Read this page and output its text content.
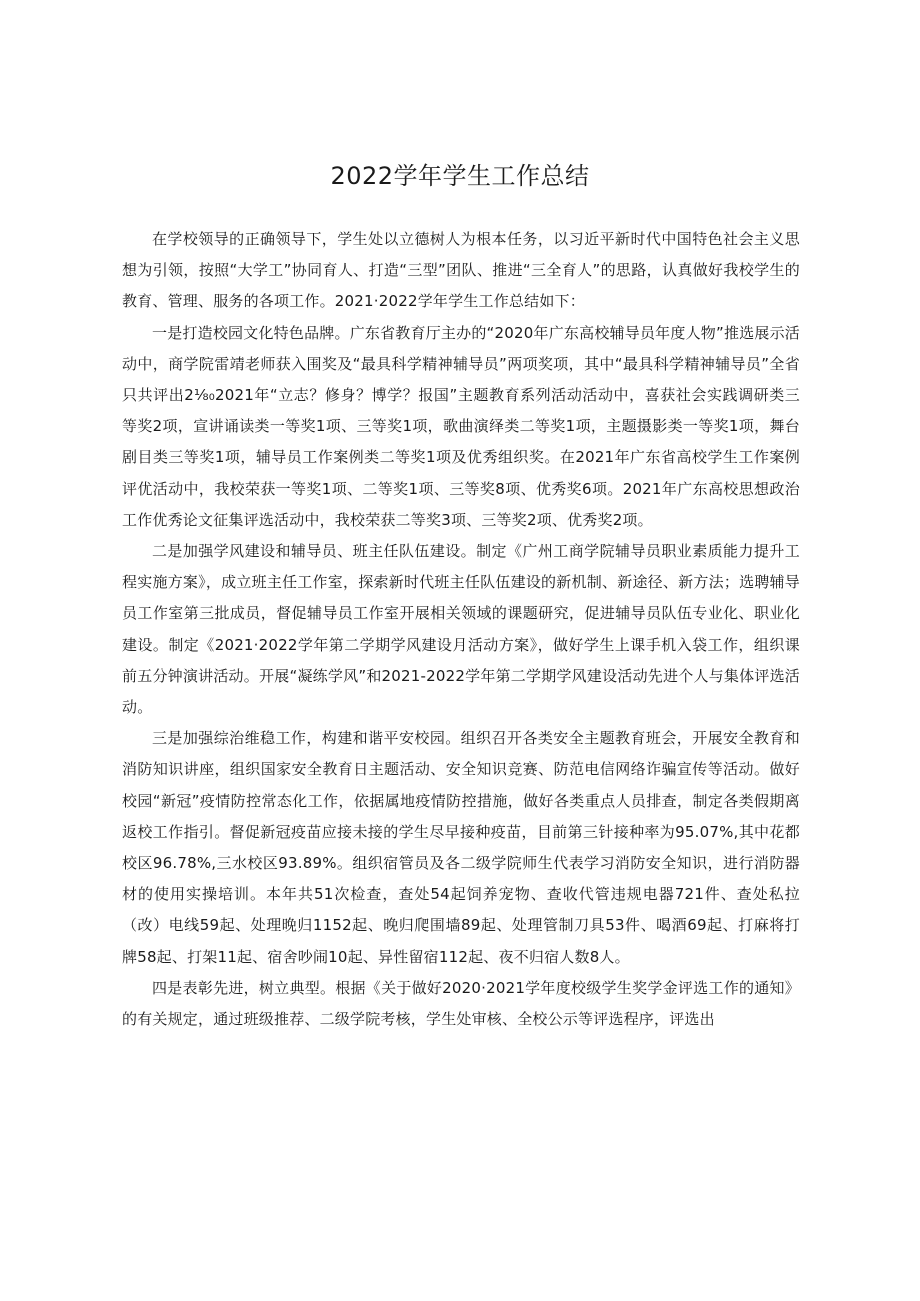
2022学年学生工作总结

在学校领导的正确领导下，学生处以立德树人为根本任务，以习近平新时代中国特色社会主义思想为引领，按照“大学工”协同育人、打造“三型”团队、推进“三全育人”的思路，认真做好我校学生的教育、管理、服务的各项工作。2021·2022学年学生工作总结如下：

一是打造校园文化特色品牌。广东省教育厅主办的“2020年广东高校辅导员年度人物”推选展示活动中，商学院雷靖老师获入围奖及“最具科学精神辅导员”两项奖项，其中“最具科学精神辅导员”全省只共评出2⅛₀2021年“立志？修身？博学？报国”主题教育系列活动活动中，喜获社会实践调研类三等奖2项，宣讲诵读类一等奖1项、三等奖1项，歌曲演绎类二等奖1项，主题摄影类一等奖1项，舞台剧目类三等奖1项，辅导员工作案例类二等奖1项及优秀组织奖。在2021年广东省高校学生工作案例评优活动中，我校荣获一等奖1项、二等奖1项、三等奖8项、优秀奖6项。2021年广东高校思想政治工作优秀论文征集评选活动中，我校荣获二等奖3项、三等奖2项、优秀奖2项。

二是加强学风建设和辅导员、班主任队伍建设。制定《广州工商学院辅导员职业素质能力提升工程实施方案》，成立班主任工作室，探索新时代班主任队伍建设的新机制、新途径、新方法；选聘辅导员工作室第三批成员，督促辅导员工作室开展相关领域的课题研究，促进辅导员队伍专业化、职业化建设。制定《2021·2022学年第二学期学风建设月活动方案》，做好学生上课手机入袋工作，组织课前五分钟演讲活动。开展“凝练学风”和2021-2022学年第二学期学风建设活动先进个人与集体评选活动。

三是加强综治维稳工作，构建和谐平安校园。组织召开各类安全主题教育班会，开展安全教育和消防知识讲座，组织国家安全教育日主题活动、安全知识竞赛、防范电信网络诈骗宣传等活动。做好校园“新冠”疫情防控常态化工作，依据属地疫情防控措施，做好各类重点人员排查，制定各类假期离返校工作指引。督促新冠疫苗应接未接的学生尽早接种疫苗，目前第三针接种率为95.07%,其中花都校区96.78%,三水校区93.89%。组织宿管员及各二级学院师生代表学习消防安全知识，进行消防器材的使用实操培训。本年共51次检查，查处54起饲养宠物、查收代管违规电器721件、查处私拉（改）电线59起、处理晚归1152起、晚归爬围墙89起、处理管制刀具53件、喝酒69起、打麻将打牌58起、打架11起、宿舍吵闹10起、异性留宿112起、夜不归宿人数8人。

四是表彰先进，树立典型。根据《关于做好2020·2021学年度校级学生奖学金评选工作的通知》的有关规定，通过班级推荐、二级学院考核，学生处审核、全校公示等评选程序，评选出
